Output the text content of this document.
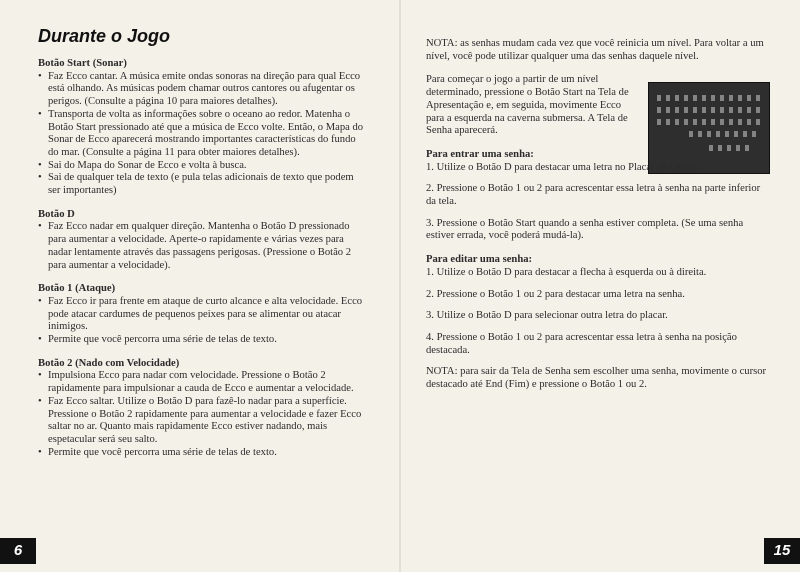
Durante o Jogo

Botão Start (Sonar)

• Faz Ecco cantar. A música emite ondas sonoras na direção para qual Ecco está olhando. As músicas podem chamar outros cantores ou afugentar os perigos. (Consulte a página 10 para maiores detalhes).
• Transporta de volta as informações sobre o oceano ao redor. Matenha o Botão Start pressionado até que a música de Ecco volte. Então, o Mapa do Sonar de Ecco aparecerá mostrando importantes características do fundo do mar. (Consulte a página 11 para obter maiores detalhes).
• Sai do Mapa do Sonar de Ecco e volta à busca.
• Sai de qualquer tela de texto (e pula telas adicionais de texto que podem ser importantes)

Botão D

• Faz Ecco nadar em qualquer direção. Mantenha o Botão D pressionado para aumentar a velocidade. Aperte-o rapidamente e várias vezes para nadar lentamente através das passagens perigosas. (Pressione o Botão 2 para aumentar a velocidade).

Botão 1 (Ataque)

• Faz Ecco ir para frente em ataque de curto alcance e alta velocidade. Ecco pode atacar cardumes de pequenos peixes para se alimentar ou atacar inimigos.
• Permite que você percorra uma série de telas de texto.

Botão 2 (Nado com Velocidade)

• Impulsiona Ecco para nadar com velocidade. Pressione o Botão 2 rapidamente para impulsionar a cauda de Ecco e aumentar a velocidade.
• Faz Ecco saltar. Utilize o Botão D para fazê-lo nadar para a superfície. Pressione o Botão 2 rapidamente para aumentar a velocidade e fazer Ecco saltar no ar. Quanto mais rapidamente Ecco estiver nadando, mais espetacular será seu salto.
• Permite que você percorra uma série de telas de texto.
6

NOTA: as senhas mudam cada vez que você reinicia um nível. Para voltar a um nível, você pode utilizar qualquer uma das senhas daquele nível.

Para começar o jogo a partir de um nível determinado, pressione o Botão Start na Tela de Apresentação e, em seguida, movimente Ecco para a esquerda na caverna submersa. A Tela de Senha aparecerá.

Para entrar uma senha:

1. Utilize o Botão D para destacar uma letra no Placar de Letras.

2. Pressione o Botão 1 ou 2 para acrescentar essa letra à senha na parte inferior da tela.

3. Pressione o Botão Start quando a senha estiver completa. (Se uma senha estiver errada, você poderá mudá-la).

Para editar uma senha:

1. Utilize o Botão D para destacar a flecha à esquerda ou à direita.

2. Pressione o Botão 1 ou 2 para destacar uma letra na senha.

3. Utilize o Botão D para selecionar outra letra do placar.

4. Pressione o Botão 1 ou 2 para acrescentar essa letra à senha na posição destacada.

NOTA: para sair da Tela de Senha sem escolher uma senha, movimente o cursor destacado até End (Fim) e pressione o Botão 1 ou 2.

15
